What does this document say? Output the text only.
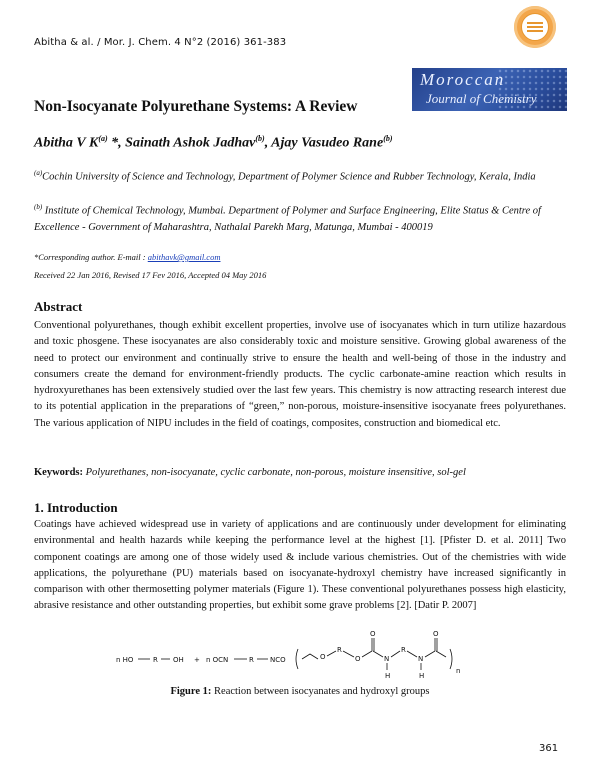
Abitha & al. / Mor. J. Chem. 4 N°2 (2016) 361-383
Moroccan
Journal of Chemistry
Non-Isocyanate Polyurethane Systems: A Review
Abitha V $K^{(a)}$ *, Sainath Ashok Jadhav$^{(b)}$, Ajay Vasudeo Rane$^{(b)}$
$^{(a)}$Cochin University of Science and Technology, Department of Polymer Science and Rubber Technology, Kerala, India
$^{(b)}$ Institute of Chemical Technology, Mumbai. Department of Polymer and Surface Engineering, Elite Status & Centre of Excellence - Government of Maharashtra, Nathalal Parekh Marg, Matunga, Mumbai - 400019
*Corresponding author. E-mail : abithavk@gmail.com
Received 22 Jan 2016, Revised 17 Fev 2016, Accepted 04 May 2016
Abstract
Conventional polyurethanes, though exhibit excellent properties, involve use of isocyanates which in turn utilize hazardous and toxic phosgene. These isocyanates are also considerably toxic and moisture sensitive. Growing global awareness of the need to protect our environment and continually strive to ensure the health and well-being of those in the industry and consumers create the demand for environment-friendly products. The cyclic carbonate-amine reaction which results in hydroxyurethanes has been extensively studied over the last few years. This chemistry is now attracting research interest due to its potential application in the preparations of “green,” non-porous, moisture-insensitive isocyanate frees polyurethanes. The various application of NIPU includes in the field of coatings, composites, construction and biomedical etc.
Keywords: Polyurethanes, non-isocyanate, cyclic carbonate, non-porous, moisture insensitive, sol-gel
1. Introduction
Coatings have achieved widespread use in variety of applications and are continuously under development for eliminating environmental and health hazards while keeping the performance level at the highest [1]. [Pfister D. et al. 2011] Two component coatings are among one of those widely used & include various chemistries. Out of the chemistries with wide applications, the polyurethane (PU) materials based on isocyanate-hydroxyl chemistry have increased significantly in comparison with other thermosetting polymer materials (Figure 1). These conventional polyurethanes possess high elasticity, abrasive resistance and other outstanding properties, but exhibit some grave problems [2]. [Datir P. 2007]
n HO	R OH + n OCN	R NCO	O
R
O
O
N
H
R
N
H
O
n
Figure 1: Reaction between isocyanates and hydroxyl groups
361
